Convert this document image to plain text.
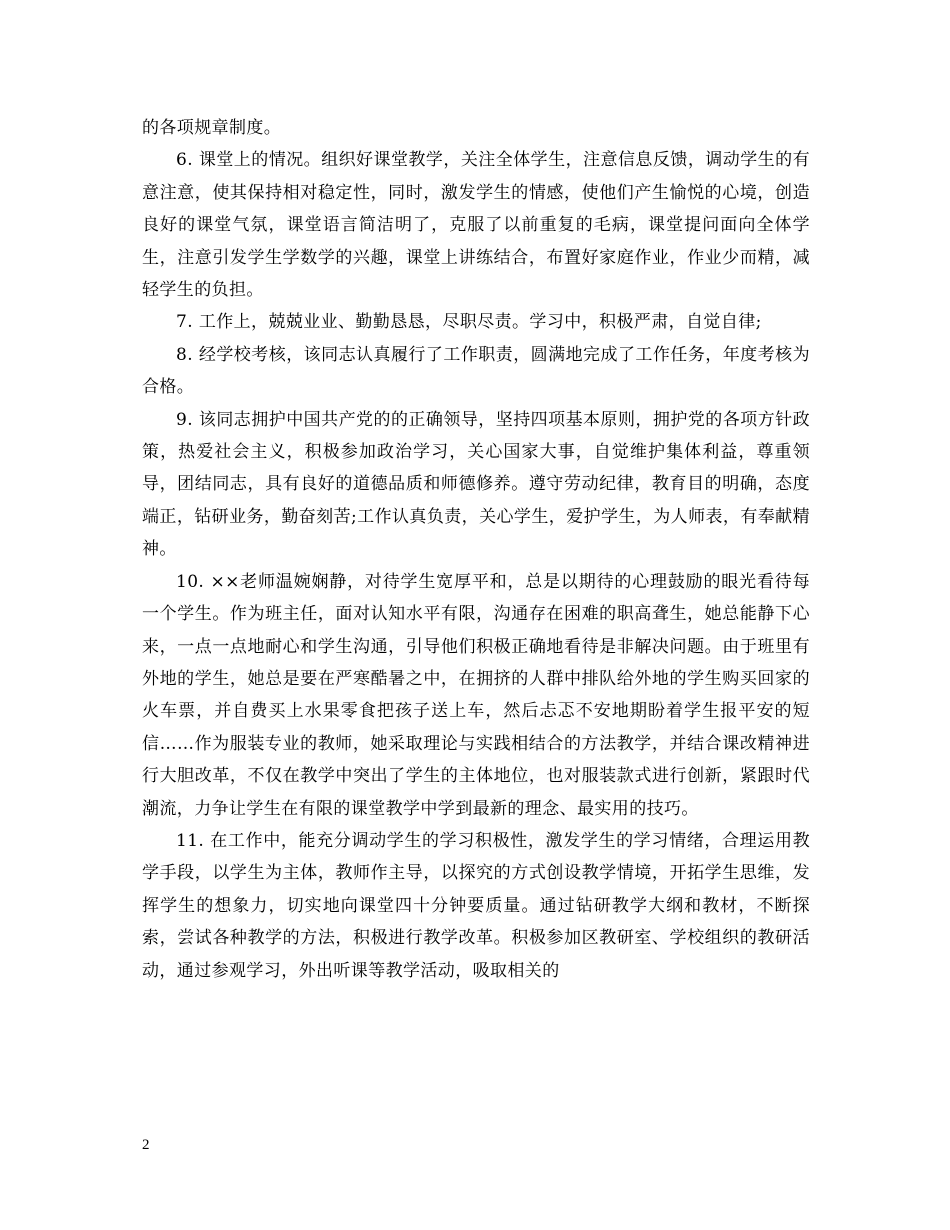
的各项规章制度。

6. 课堂上的情况。组织好课堂教学，关注全体学生，注意信息反馈，调动学生的有意注意，使其保持相对稳定性，同时，激发学生的情感，使他们产生愉悦的心境，创造良好的课堂气氛，课堂语言简洁明了，克服了以前重复的毛病，课堂提问面向全体学生，注意引发学生学数学的兴趣，课堂上讲练结合，布置好家庭作业，作业少而精，减轻学生的负担。

7. 工作上，兢兢业业、勤勤恳恳，尽职尽责。学习中，积极严肃，自觉自律;

8. 经学校考核，该同志认真履行了工作职责，圆满地完成了工作任务，年度考核为合格。

9. 该同志拥护中国共产党的的正确领导，坚持四项基本原则，拥护党的各项方针政策，热爱社会主义，积极参加政治学习，关心国家大事，自觉维护集体利益，尊重领导，团结同志，具有良好的道德品质和师德修养。遵守劳动纪律，教育目的明确，态度端正，钻研业务，勤奋刻苦;工作认真负责，关心学生，爱护学生，为人师表，有奉献精神。

10. ××老师温婉娴静，对待学生宽厚平和，总是以期待的心理鼓励的眼光看待每一个学生。作为班主任，面对认知水平有限，沟通存在困难的职高聋生，她总能静下心来，一点一点地耐心和学生沟通，引导他们积极正确地看待是非解决问题。由于班里有外地的学生，她总是要在严寒酷暑之中，在拥挤的人群中排队给外地的学生购买回家的火车票，并自费买上水果零食把孩子送上车，然后忐忑不安地期盼着学生报平安的短信……作为服装专业的教师，她采取理论与实践相结合的方法教学，并结合课改精神进行大胆改革，不仅在教学中突出了学生的主体地位，也对服装款式进行创新，紧跟时代潮流，力争让学生在有限的课堂教学中学到最新的理念、最实用的技巧。

11. 在工作中，能充分调动学生的学习积极性，激发学生的学习情绪，合理运用教学手段，以学生为主体，教师作主导，以探究的方式创设教学情境，开拓学生思维，发挥学生的想象力，切实地向课堂四十分钟要质量。通过钻研教学大纲和教材，不断探索，尝试各种教学的方法，积极进行教学改革。积极参加区教研室、学校组织的教研活动，通过参观学习，外出听课等教学活动，吸取相关的

2
